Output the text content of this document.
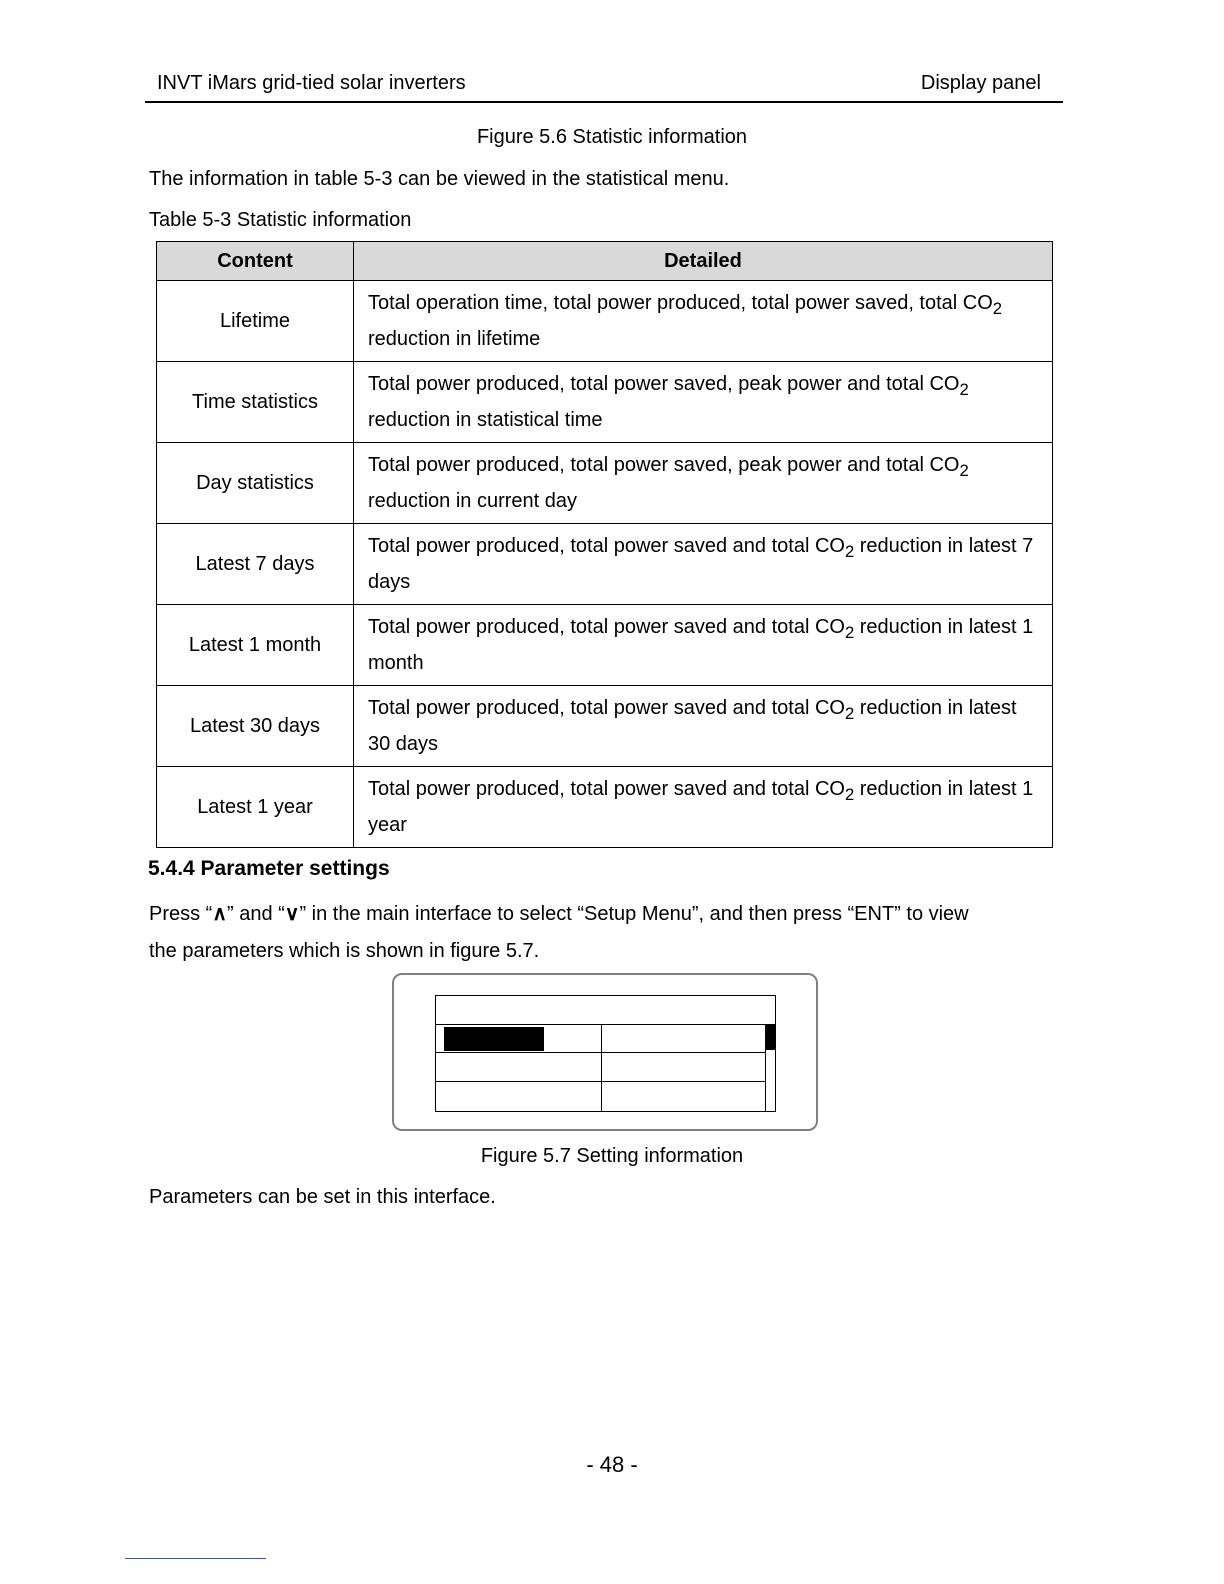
INVT iMars grid-tied solar inverters	Display panel
Figure 5.6 Statistic information
The information in table 5-3 can be viewed in the statistical menu.
Table 5-3 Statistic information
Content	Detailed
Lifetime	Total operation time, total power produced, total power saved, total $CO_2$ reduction in lifetime
Time statistics	Total power produced, total power saved, peak power and total $CO_2$ reduction in statistical time
Day statistics	Total power produced, total power saved, peak power and total $CO_2$ reduction in current day
Latest 7 days	Total power produced, total power saved and total $CO_2$ reduction in latest 7 days
Latest 1 month	Total power produced, total power saved and total $CO_2$ reduction in latest 1 month
Latest 30 days	Total power produced, total power saved and total $CO_2$ reduction in latest 30 days
Latest 1 year	Total power produced, total power saved and total $CO_2$ reduction in latest 1 year
5.4.4 Parameter settings
Press “∧” and “∨” in the main interface to select “Setup Menu”, and then press “ENT” to view
the parameters which is shown in figure 5.7.
Figure 5.7 Setting information
Parameters can be set in this interface.
- 48 -
